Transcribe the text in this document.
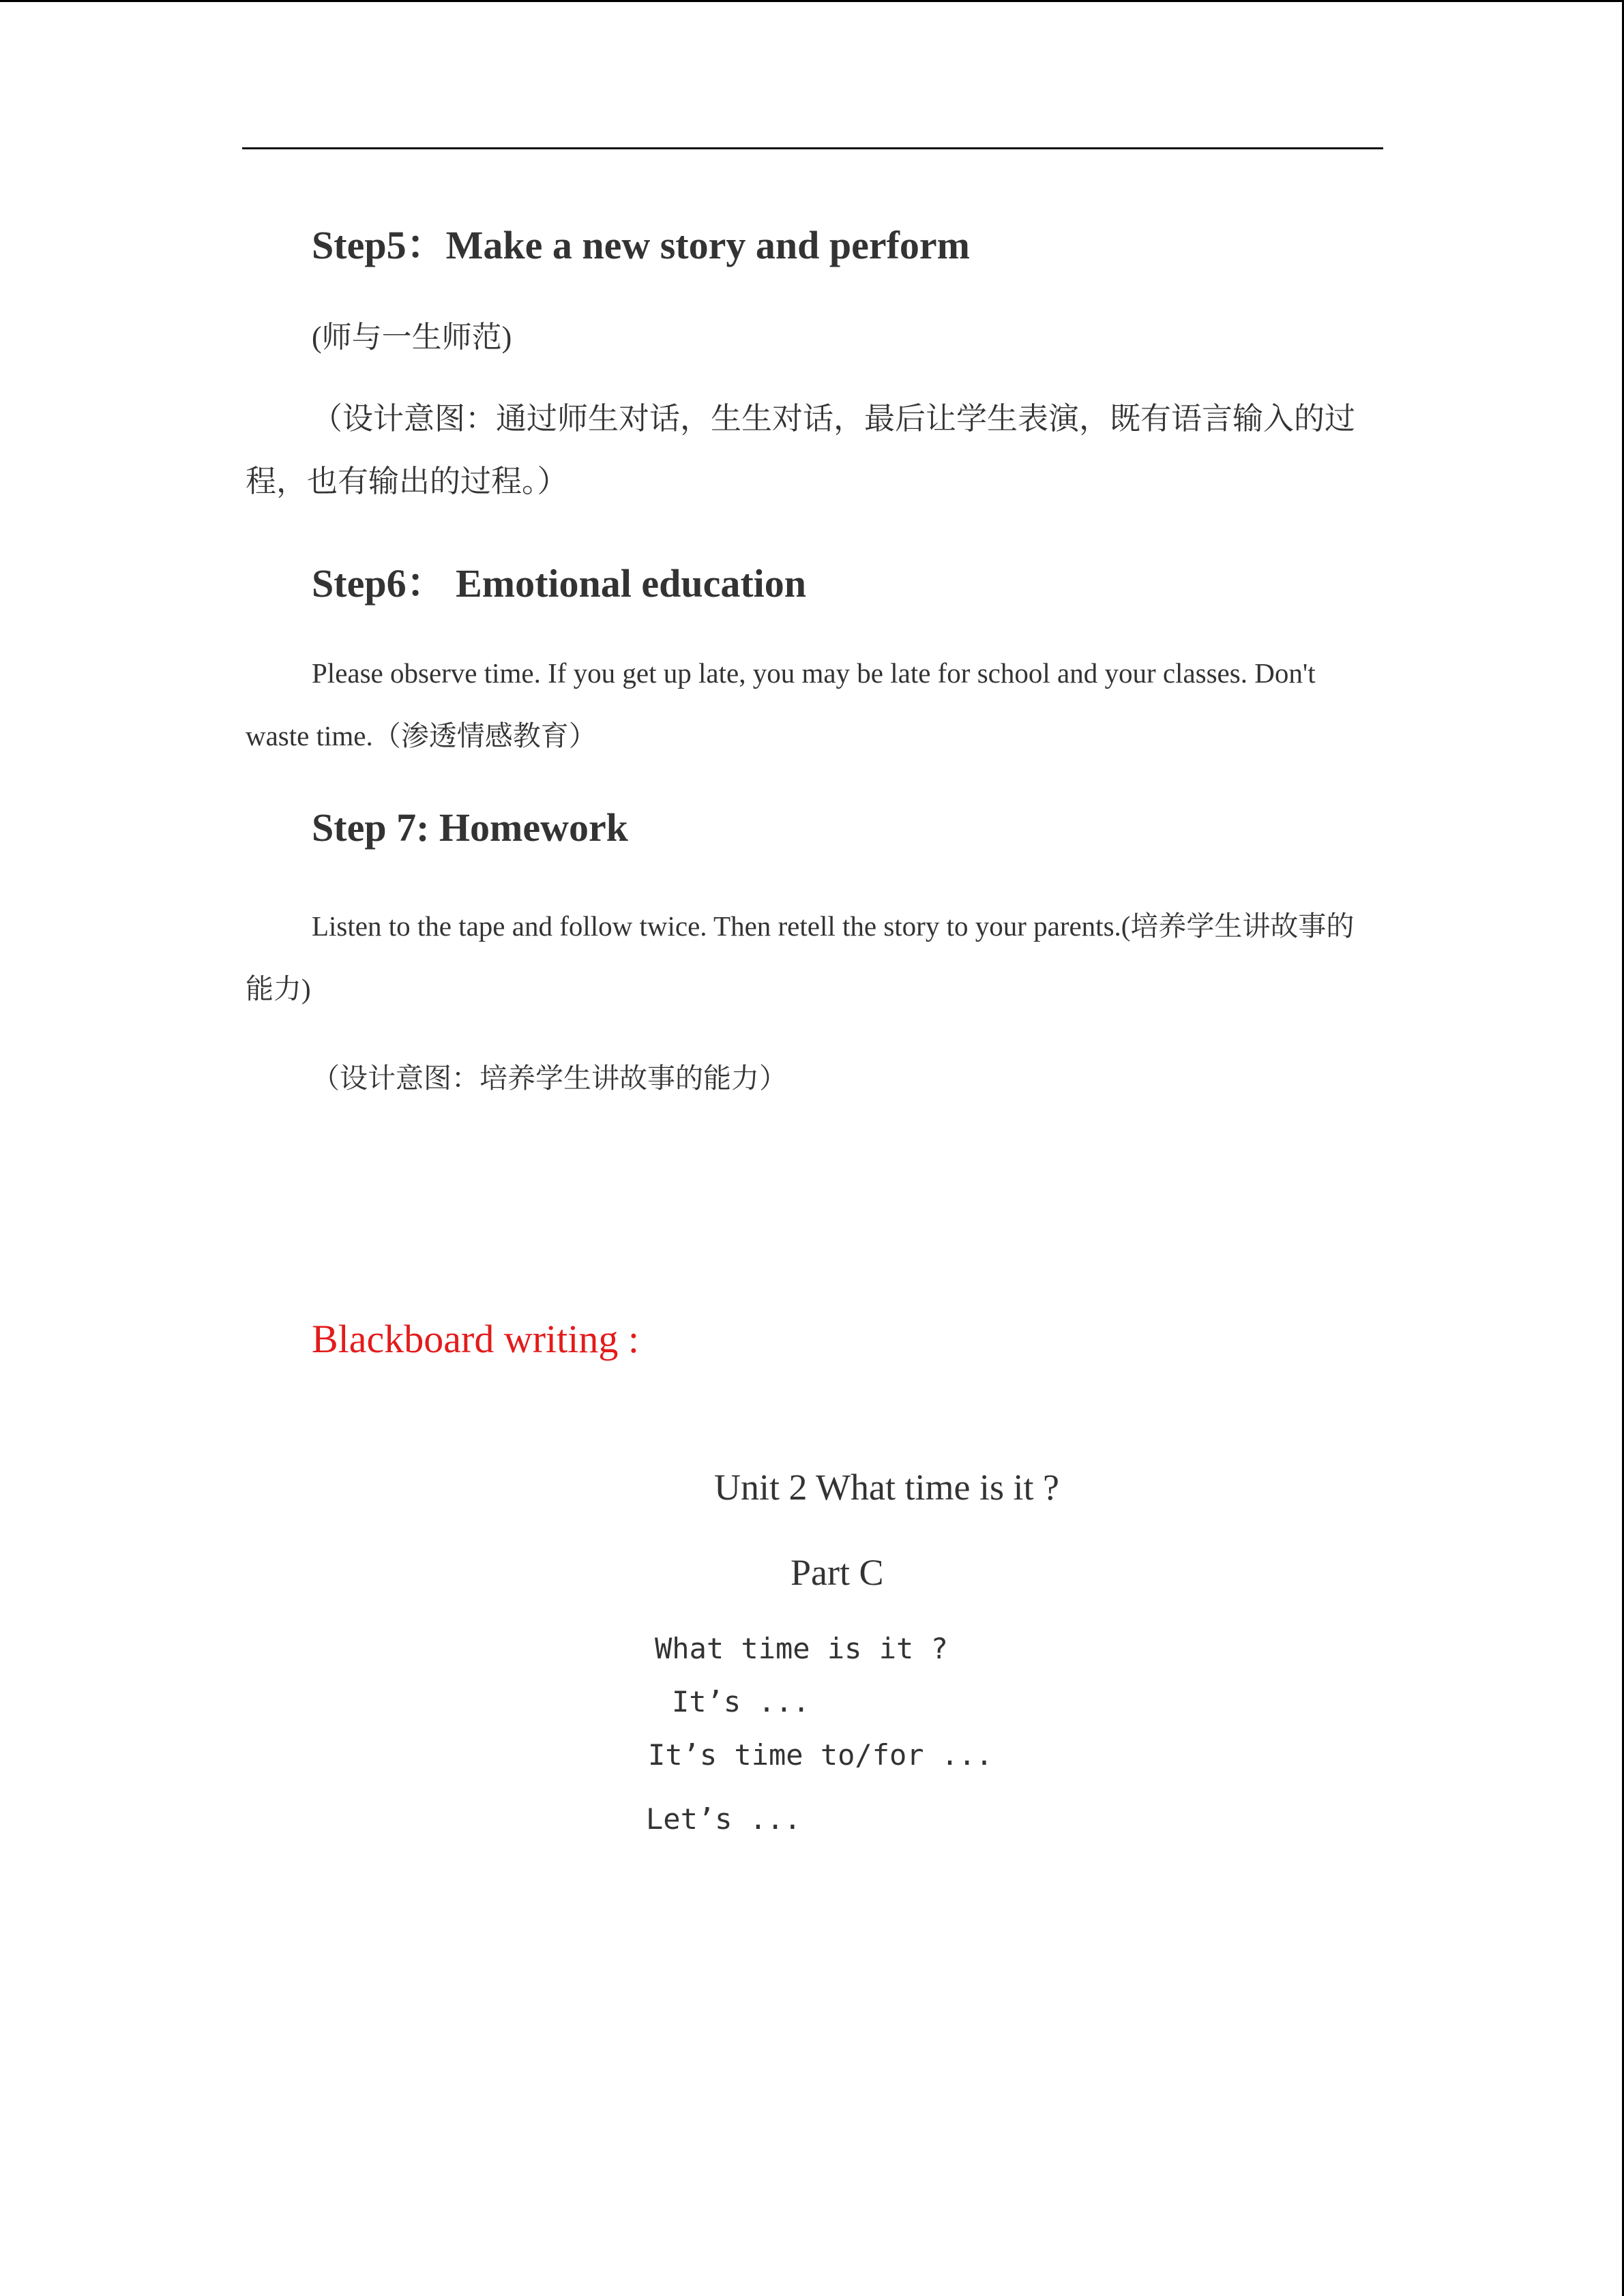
Step5：Make a new story and perform
(师与一生师范)

（设计意图：通过师生对话，生生对话，最后让学生表演，既有语言输入的过程，也有输出的过程。）

Step6： Emotional education

Please observe time. If you get up late, you may be late for school and your classes. Don't waste time.（渗透情感教育）

Step 7: Homework

Listen to the tape and follow twice. Then retell the story to your parents.(培养学生讲故事的能力)

（设计意图：培养学生讲故事的能力）
Blackboard writing :
Unit 2 What time is it ?
Part C
What time is it ?
It’s ...
It’s time to/for ...
Let’s ...
